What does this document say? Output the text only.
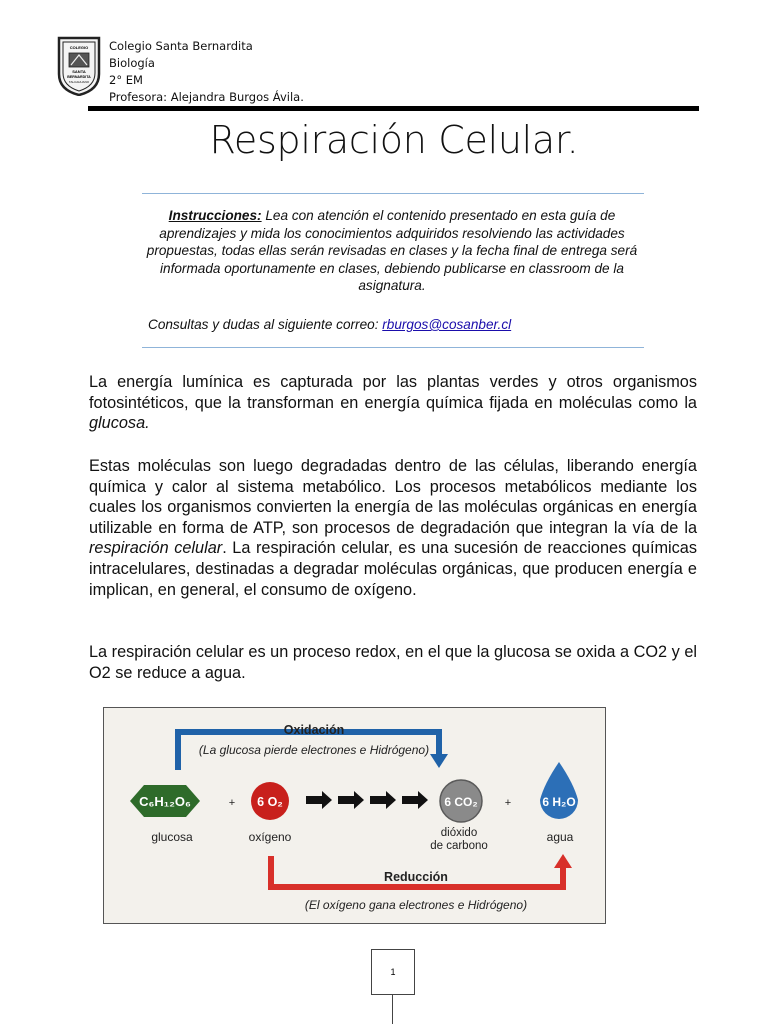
COLEGIO
SANTA
BERNARDITA
TALCAHUANO
Colegio Santa Bernardita
Biología
2° EM
Profesora: Alejandra Burgos Ávila.
Respiración Celular.
Instrucciones: Lea con atención el contenido presentado en esta guía de aprendizajes y mida los conocimientos adquiridos resolviendo las actividades propuestas, todas ellas serán revisadas en clases y la fecha final de entrega será informada oportunamente en clases, debiendo publicarse en classroom de la asignatura.
Consultas y dudas al siguiente correo: rburgos@cosanber.cl
La energía lumínica es capturada por las plantas verdes y otros organismos fotosintéticos, que la transforman en energía química fijada en moléculas como la glucosa.
Estas moléculas son luego degradadas dentro de las células, liberando energía química y calor al sistema metabólico. Los procesos metabólicos mediante los cuales los organismos convierten la energía de las moléculas orgánicas en energía utilizable en forma de ATP, son procesos de degradación que integran la vía de la respiración celular. La respiración celular, es una sucesión de reacciones químicas intracelulares, destinadas a degradar moléculas orgánicas, que producen energía e implican, en general, el consumo de oxígeno.
La respiración celular es un proceso redox, en el que la glucosa se oxida a CO2 y el O2 se reduce a agua.
Oxidación
(La glucosa pierde electrones e Hidrógeno)
C₆H₁₂O₆
glucosa
+ 6 O₂
oxígeno
6 CO₂
dióxido
de carbono
+	6 H₂O
agua
Reducción
(El oxígeno gana electrones e Hidrógeno)
1
